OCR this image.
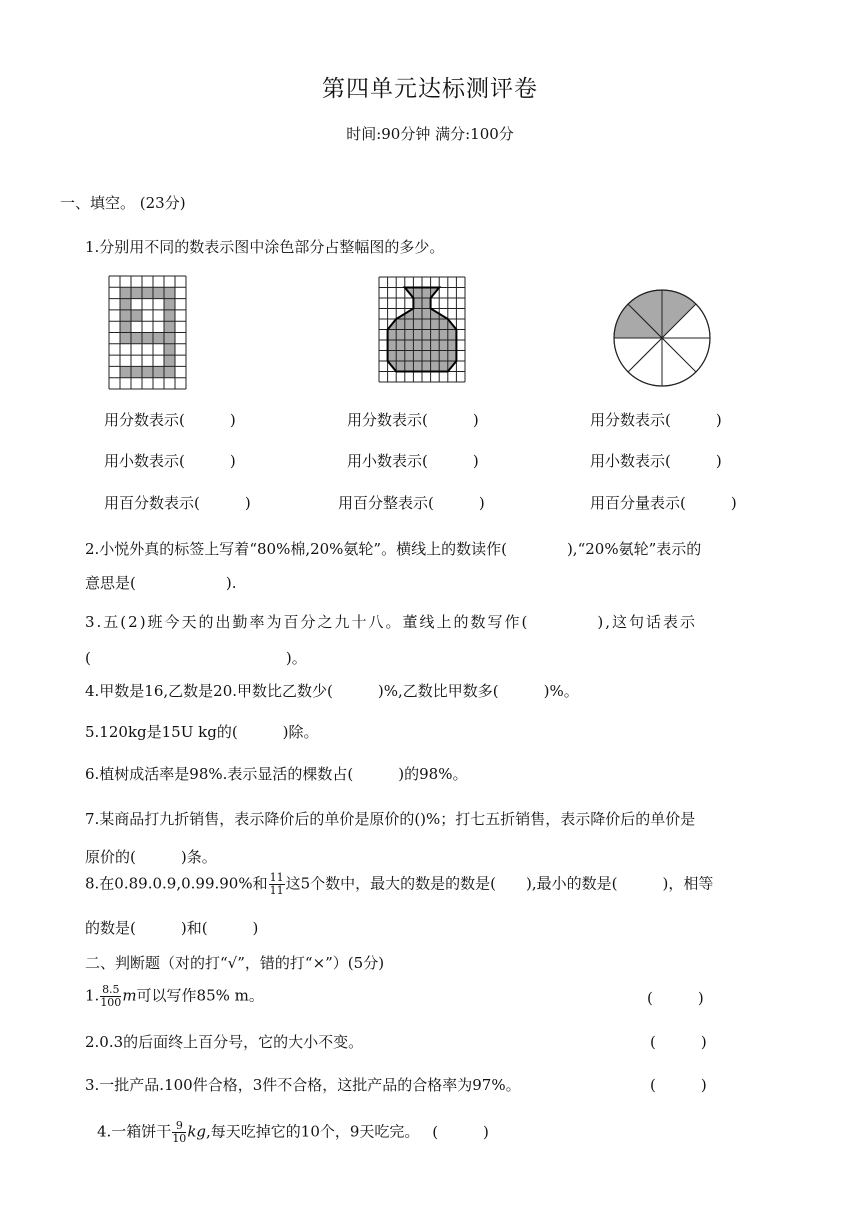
第四单元达标测评卷
时间:90分钟 满分:100分
一、填空。 (23分)
1.分别用不同的数表示图中涂色部分占整幅图的多少。
用分数表示(　　　)
用小数表示(　　　)
用百分数表示(　　　)
用分数表示(　　　)
用小数表示(　　　)
用百分整表示(　　　)
用分数表示(　　　)
用小数表示(　　　)
用百分量表示(　　　)
2.小悦外真的标签上写着“80%棉,20%氨轮”。横线上的数读作(　　　　),“20%氨轮”表示的
意思是(　　　　　　).
3.五(2)班今天的出勤率为百分之九十八。董线上的数写作(　　　　),这句话表示
(　　　　　　　　　　　　　)。
4.甲数是16,乙数是20.甲数比乙数少(　　　)%,乙数比甲数多(　　　)%。
5.120kg是15U kg的(　　　)除。
6.植树成活率是98%.表示显活的棵数占(　　　)的98%。
7.某商品打九折销售，表示降价后的单价是原价的()%；打七五折销售，表示降价后的单价是
原价的(　　　)条。
8.在0.89.0.9,0.99.90%和 $\frac{11}{11}$ 这5个数中，最大的数是的数是(　　),最小的数是(　　　)，相等
的数是(　　　)和(　　　)
二、判断题（对的打“√”，错的打“×”）(5分)
1. $\frac{8.5}{100}$ m可以写作85% m。	(　　　)
2.0.3的后面终上百分号，它的大小不变。	(　　　)
3.一批产品.100件合格，3件不合格，这批产品的合格率为97%。	(　　　)
4.一箱饼干 $\frac{9}{10}$ kg,每天吃掉它的10个，9天吃完。 (　　　)
